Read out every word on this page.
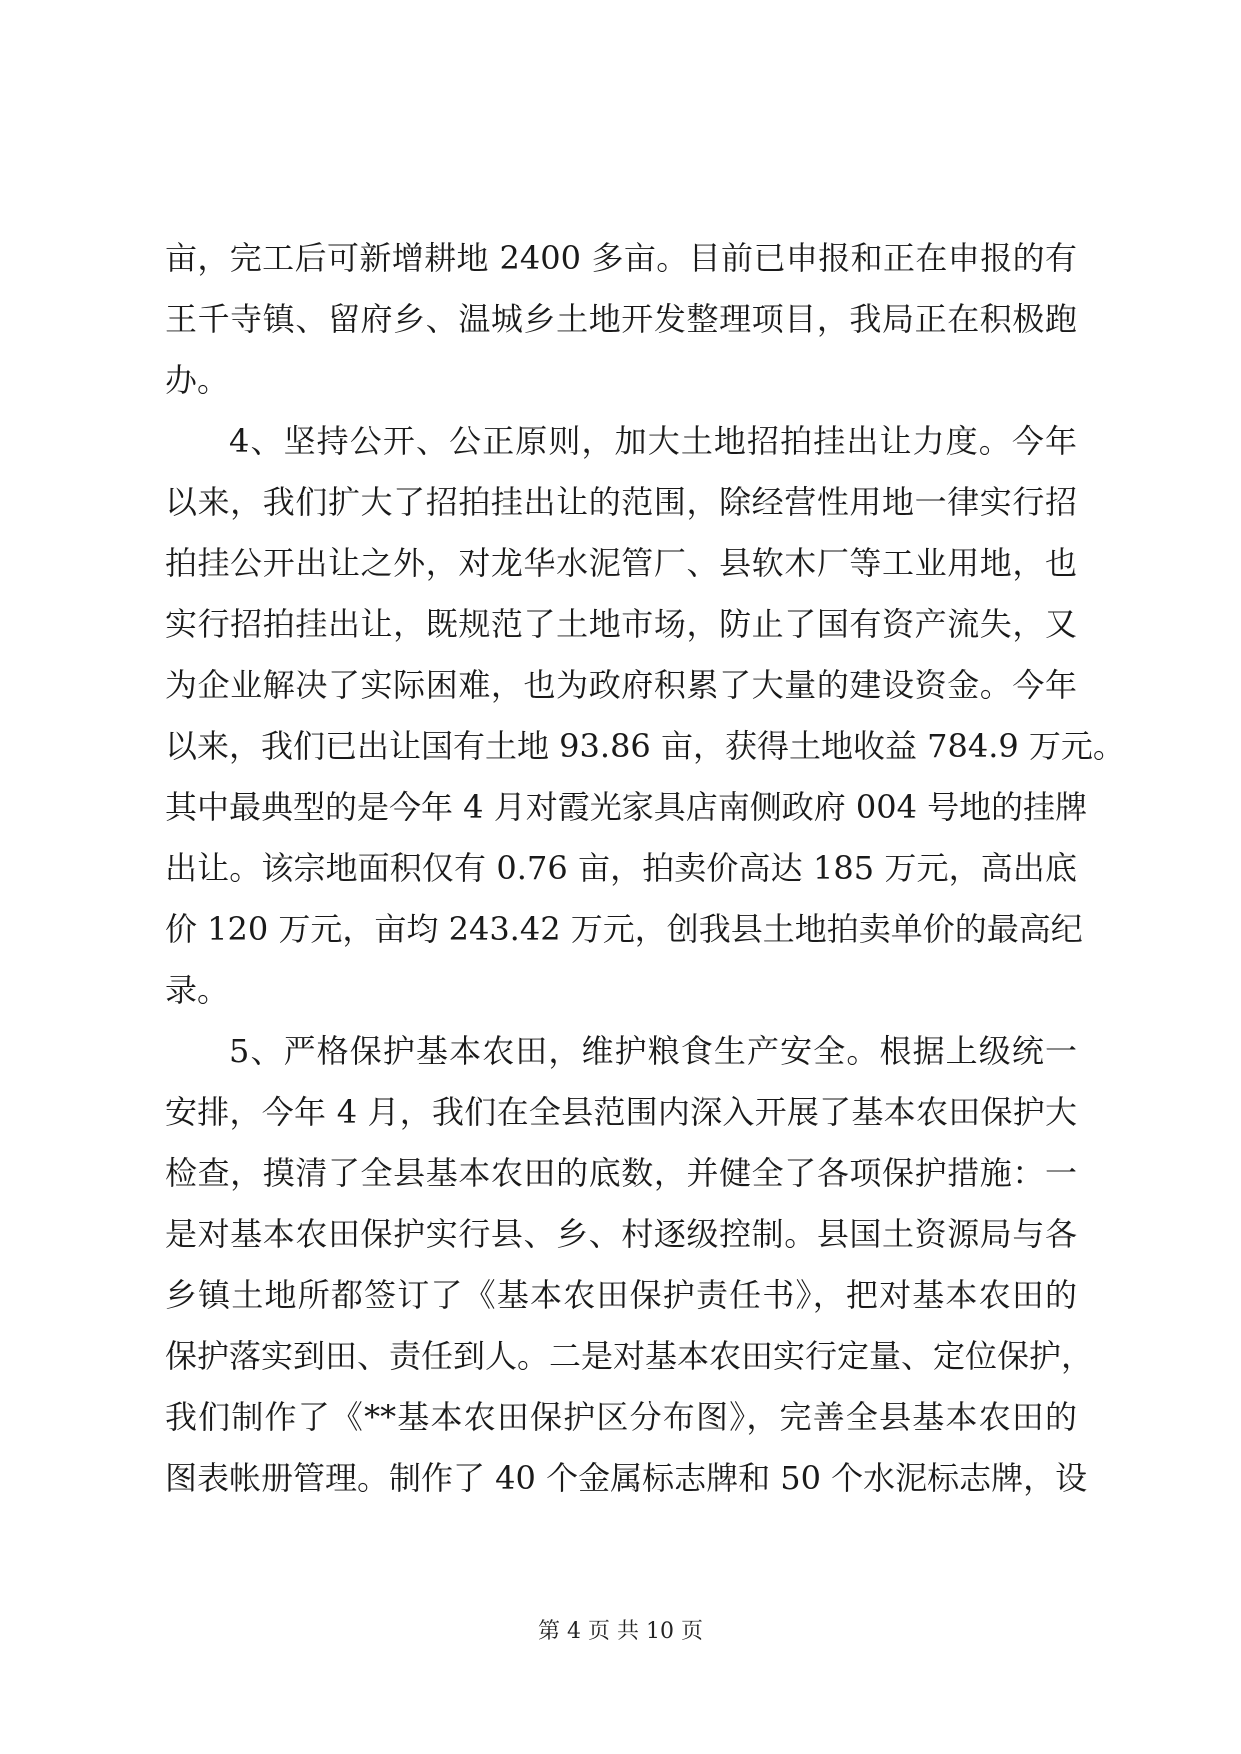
亩，完工后可新增耕地 2400 多亩。目前已申报和正在申报的有
王千寺镇、留府乡、温城乡土地开发整理项目，我局正在积极跑
办。
4、坚持公开、公正原则，加大土地招拍挂出让力度。今年
以来，我们扩大了招拍挂出让的范围，除经营性用地一律实行招
拍挂公开出让之外，对龙华水泥管厂、县软木厂等工业用地，也
实行招拍挂出让，既规范了土地市场，防止了国有资产流失，又
为企业解决了实际困难，也为政府积累了大量的建设资金。今年
以来，我们已出让国有土地 93.86 亩，获得土地收益 784.9 万元。
其中最典型的是今年 4 月对霞光家具店南侧政府 004 号地的挂牌
出让。该宗地面积仅有 0.76 亩，拍卖价高达 185 万元，高出底
价 120 万元，亩均 243.42 万元，创我县土地拍卖单价的最高纪
录。
5、严格保护基本农田，维护粮食生产安全。根据上级统一
安排，今年 4 月，我们在全县范围内深入开展了基本农田保护大
检查，摸清了全县基本农田的底数，并健全了各项保护措施：一
是对基本农田保护实行县、乡、村逐级控制。县国土资源局与各
乡镇土地所都签订了《基本农田保护责任书》，把对基本农田的
保护落实到田、责任到人。二是对基本农田实行定量、定位保护，
我们制作了《**基本农田保护区分布图》，完善全县基本农田的
图表帐册管理。制作了 40 个金属标志牌和 50 个水泥标志牌，设
第 4 页 共 10 页
